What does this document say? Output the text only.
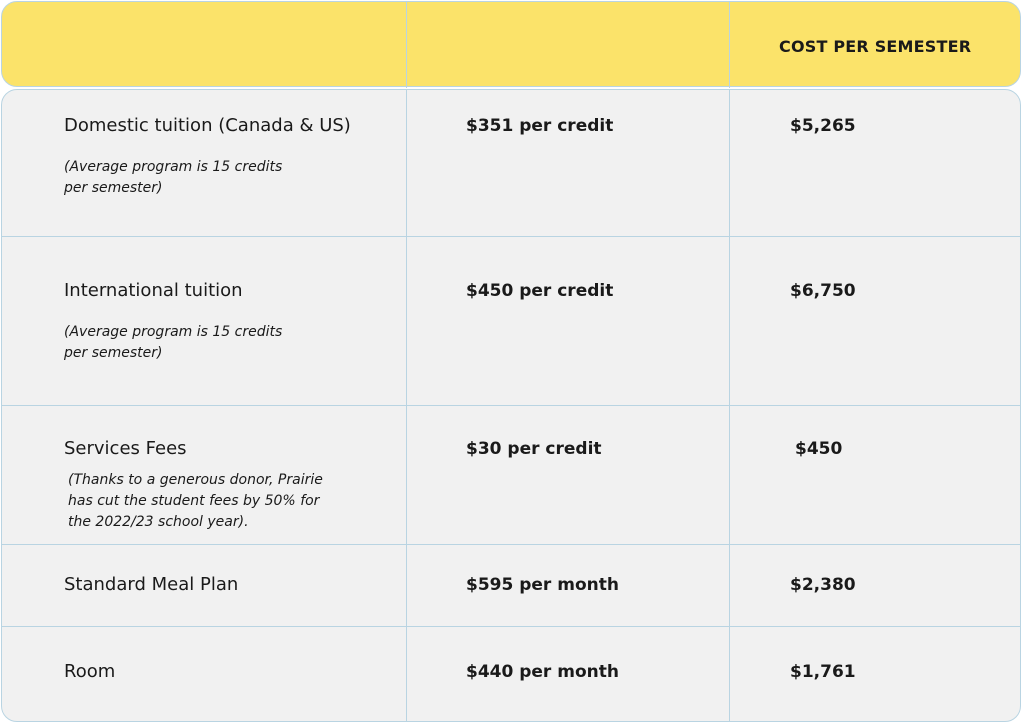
COST PER SEMESTER
Domestic tuition (Canada & US)
(Average program is 15 credits
per semester)
$351 per credit	$5,265
International tuition
(Average program is 15 credits
per semester)
$450 per credit	$6,750
Services Fees
(Thanks to a generous donor, Prairie
has cut the student fees by 50% for
the 2022/23 school year).
$30 per credit	$450
Standard Meal Plan	$595 per month	$2,380
Room	$440 per month	$1,761
